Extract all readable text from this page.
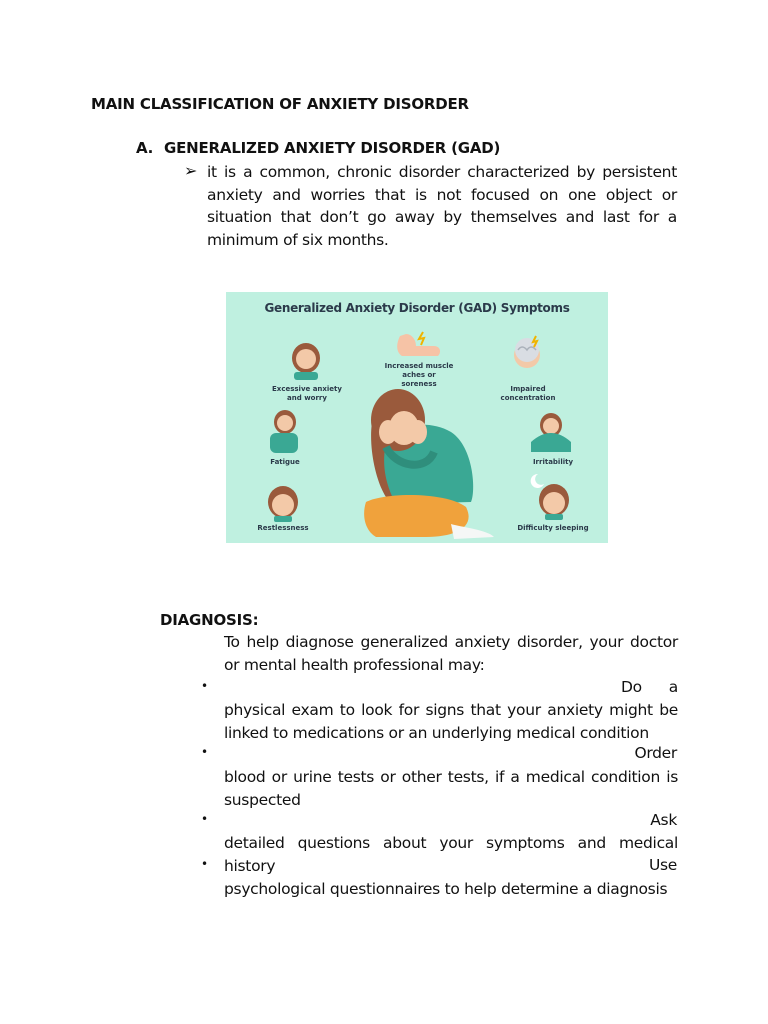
MAIN CLASSIFICATION OF ANXIETY DISORDER
A. GENERALIZED ANXIETY DISORDER (GAD)
➢ it is a common, chronic disorder characterized by persistent anxiety and worries that is not focused on one object or situation that don’t go away by themselves and last for a minimum of six months.
Generalized Anxiety Disorder (GAD) Symptoms
Increased muscle aches or soreness
Excessive anxiety and worry
Impaired concentration
Fatigue	Irritability
Restlessness	Difficulty sleeping
DIAGNOSIS:
To help diagnose generalized anxiety disorder, your doctor or mental health professional may:
•	Do a
physical exam to look for signs that your anxiety might be linked to medications or an underlying medical condition
•	Order
blood or urine tests or other tests, if a medical condition is suspected
•	Ask
detailed questions about your symptoms and medical history
•	Use
psychological questionnaires to help determine a diagnosis
